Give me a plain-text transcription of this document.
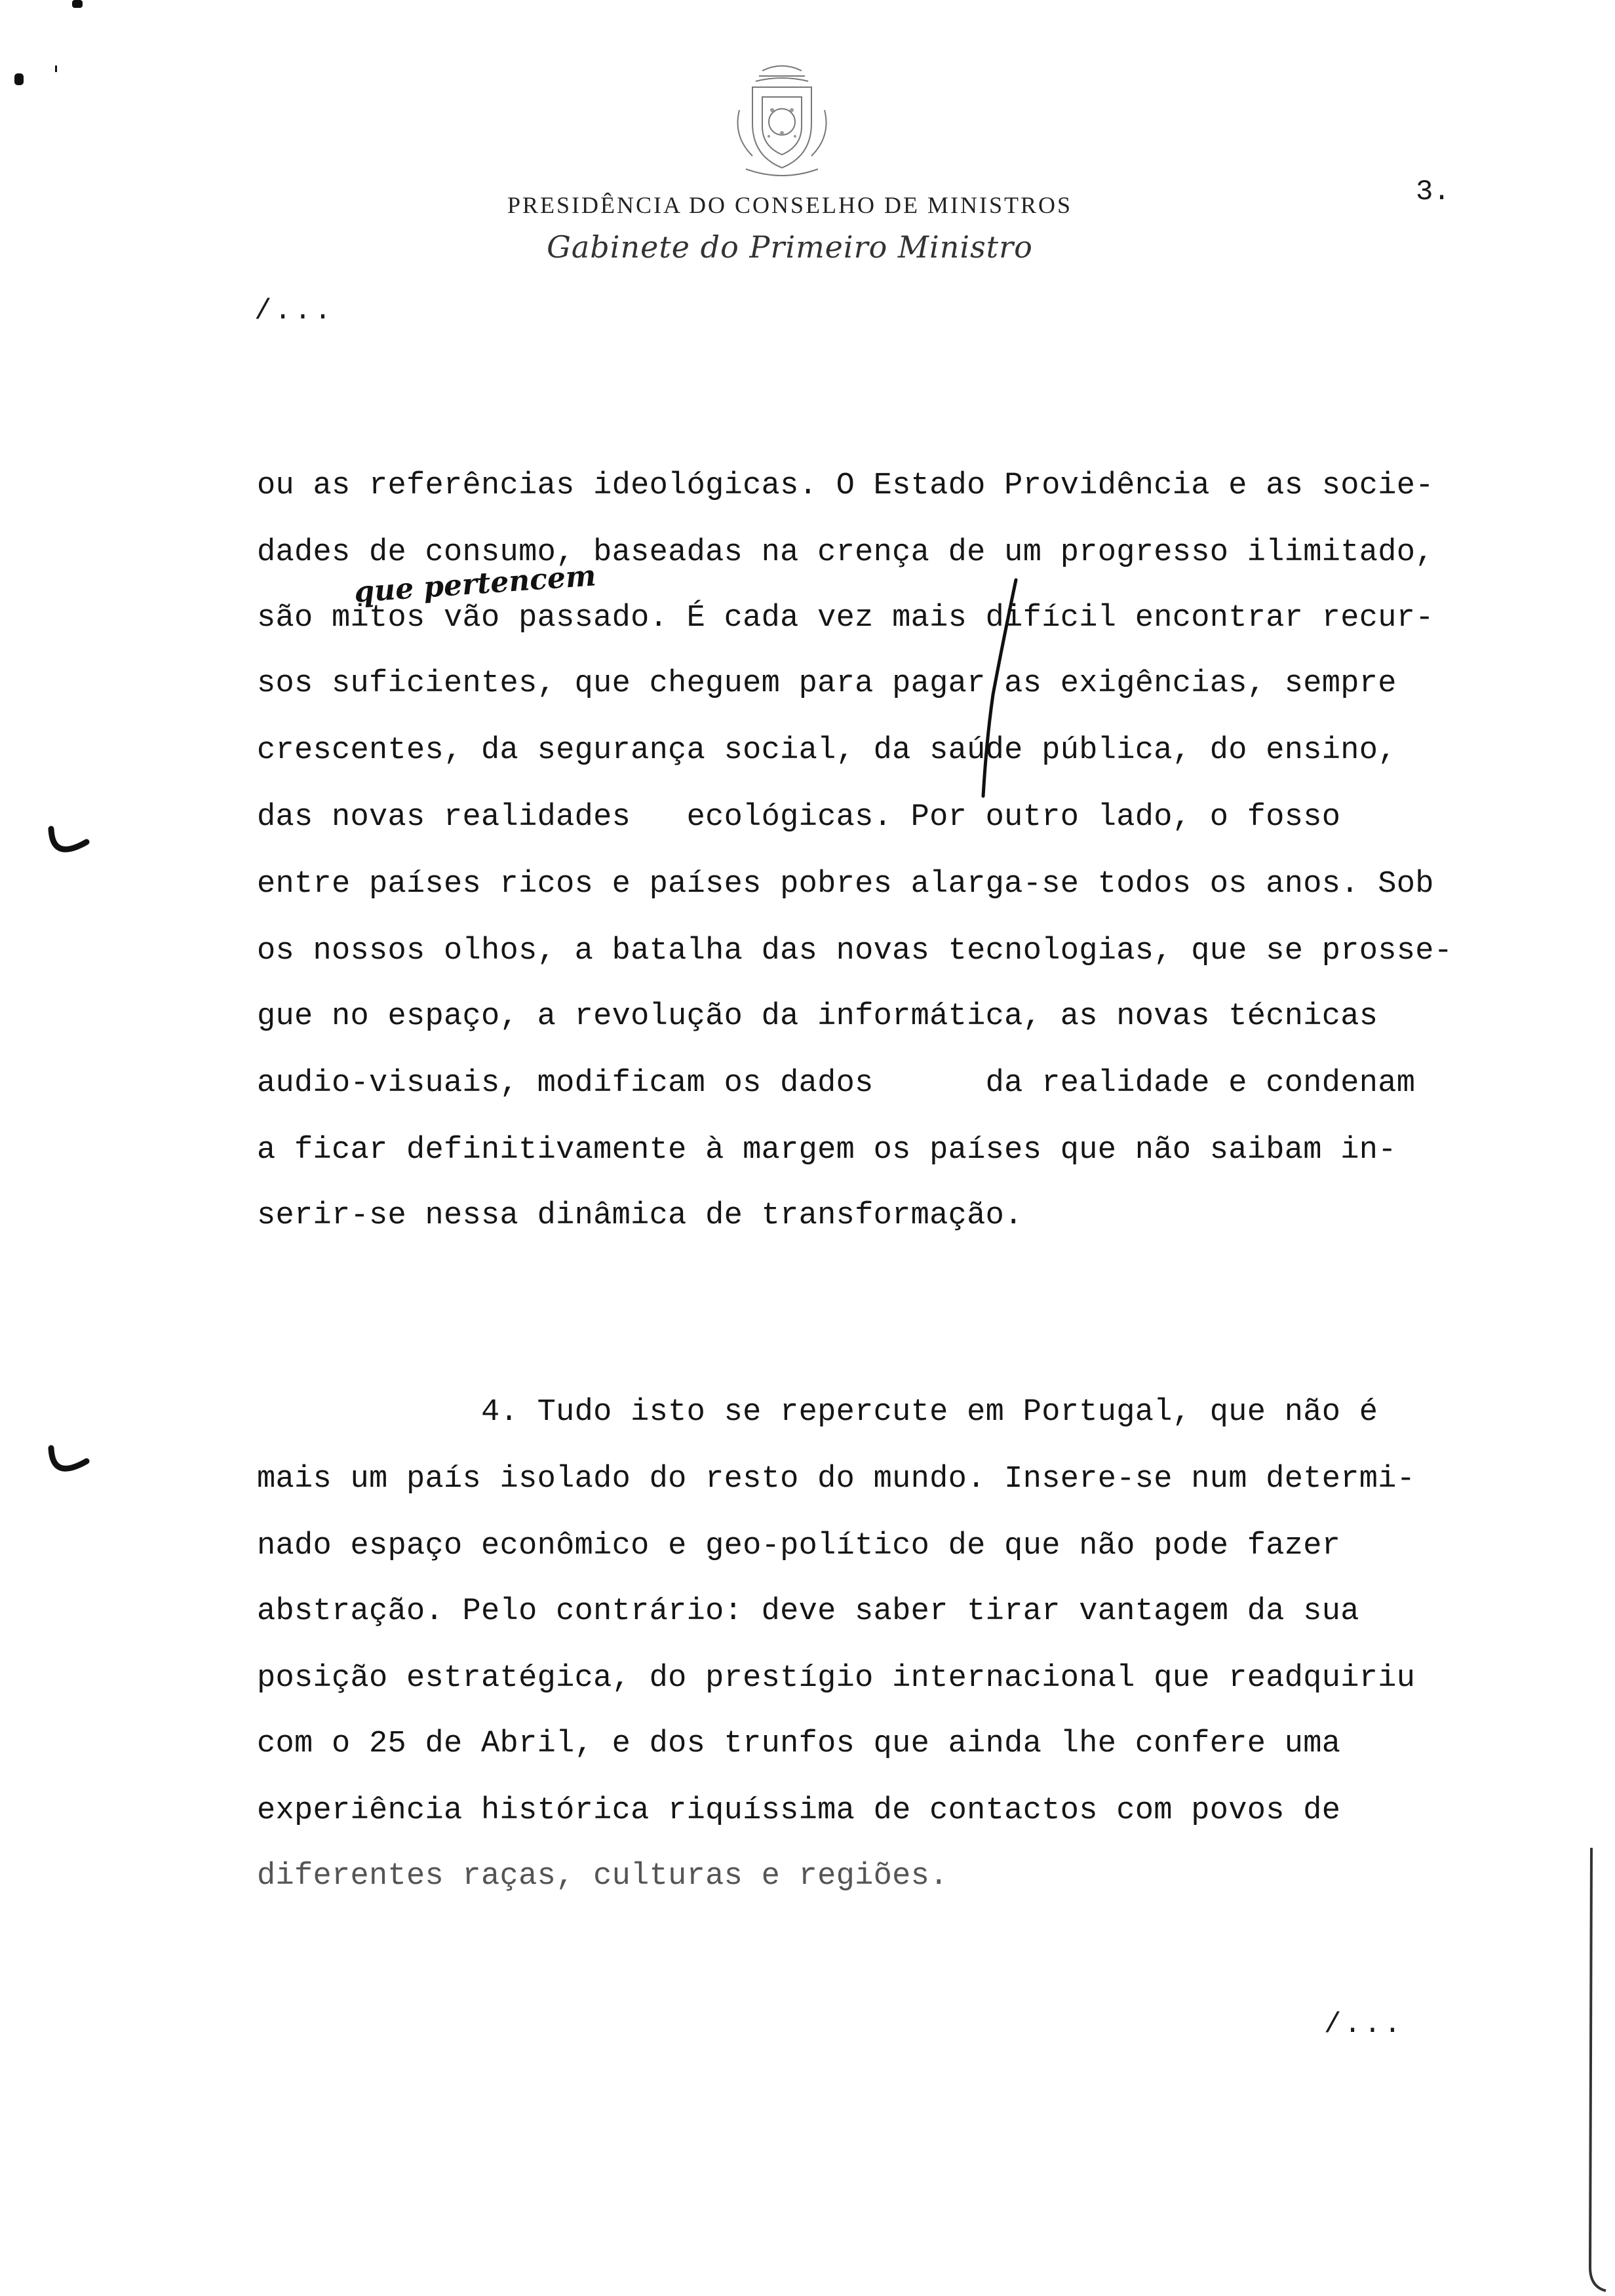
3.
PRESIDÊNCIA DO CONSELHO DE MINISTROS
Gabinete do Primeiro Ministro
/...
ou as referências ideológicas. O Estado Providência e as socie-
dades de consumo, baseadas na crença de um progresso ilimitado,
são mitos vão passado. É cada vez mais difícil encontrar recur-
sos suficientes, que cheguem para pagar as exigências, sempre
crescentes, da segurança social, da saúde pública, do ensino,
das novas realidades   ecológicas. Por outro lado, o fosso
entre países ricos e países pobres alarga-se todos os anos. Sob
os nossos olhos, a batalha das novas tecnologias, que se prosse-
gue no espaço, a revolução da informática, as novas técnicas
audio-visuais, modificam os dados      da realidade e condenam
a ficar definitivamente à margem os países que não saibam in-
serir-se nessa dinâmica de transformação.
4. Tudo isto se repercute em Portugal, que não é
mais um país isolado do resto do mundo. Insere-se num determi-
nado espaço econômico e geo-político de que não pode fazer
abstração. Pelo contrário: deve saber tirar vantagem da sua
posição estratégica, do prestígio internacional que readquiriu
com o 25 de Abril, e dos trunfos que ainda lhe confere uma
experiência histórica riquíssima de contactos com povos de
diferentes raças, culturas e regiões.
que pertencem
/...
